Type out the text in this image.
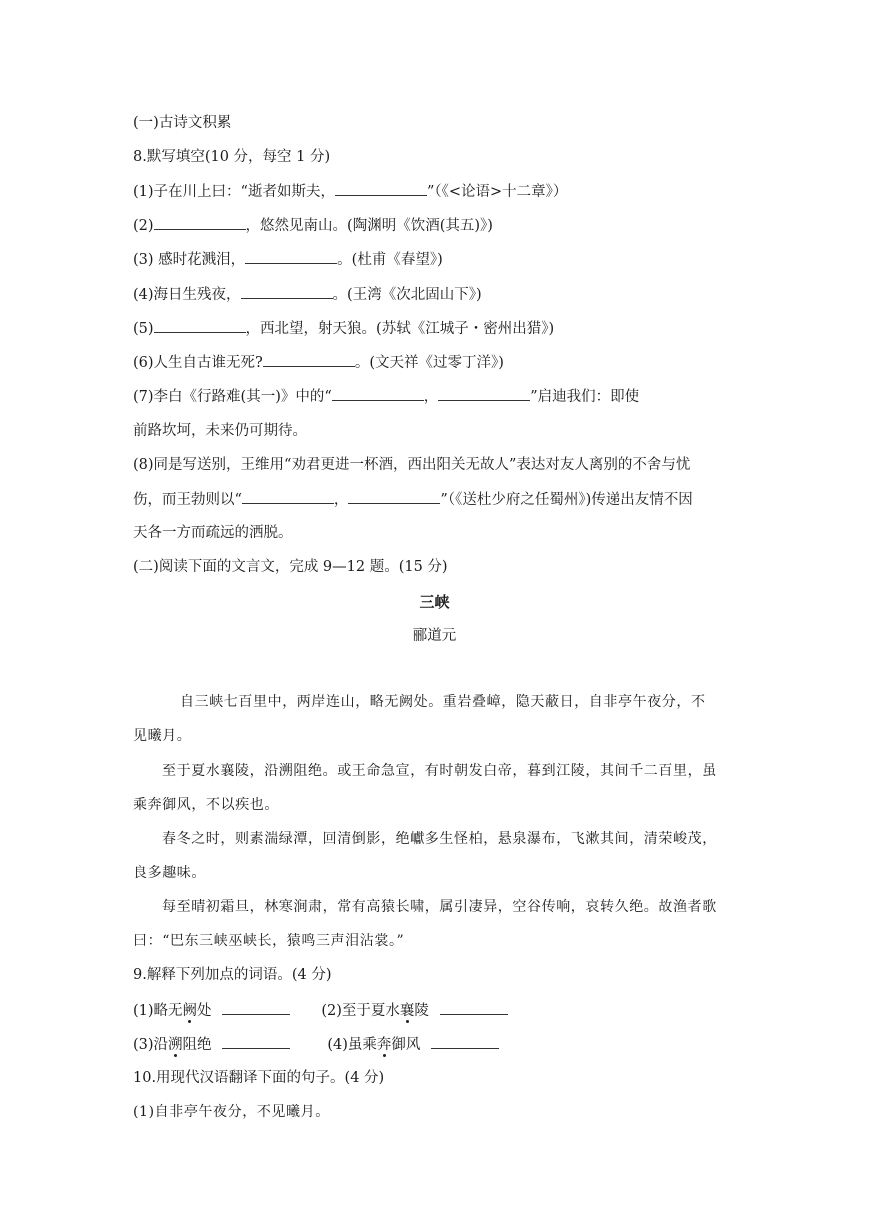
(一)古诗文积累
8.默写填空(10 分，每空 1 分)
(1)子在川上曰：“逝者如斯夫，	”（《<论语>十二章》）
(2)	，悠然见南山。(陶渊明《饮酒(其五)》)
(3) 感时花溅泪，	。(杜甫《春望》)
(4)海日生残夜，	。(王湾《次北固山下》)
(5)	，西北望，射天狼。(苏轼《江城子・密州出猎》)
(6)人生自古谁无死?	。(文天祥《过零丁洋》)
(7)李白《行路难(其一)》中的“	，	”启迪我们：即使
前路坎坷，未来仍可期待。
(8)同是写送别，王维用“劝君更进一杯酒，西出阳关无故人”表达对友人离别的不舍与忧
伤，而王勃则以“	，	”（《送杜少府之任蜀州》)传递出友情不因
天各一方而疏远的洒脱。
(二)阅读下面的文言文，完成 9—12 题。(15 分)
三峡
郦道元
自三峡七百里中，两岸连山，略无阙处。重岩叠嶂，隐天蔽日，自非亭午夜分，不
见曦月。
至于夏水襄陵，沿溯阻绝。或王命急宣，有时朝发白帝，暮到江陵，其间千二百里，虽
乘奔御风，不以疾也。
春冬之时，则素湍绿潭，回清倒影，绝巘多生怪柏，悬泉瀑布，飞漱其间，清荣峻茂，
良多趣味。
每至晴初霜旦，林寒涧肃，常有高猿长啸，属引凄异，空谷传响，哀转久绝。故渔者歌
曰：“巴东三峡巫峡长，猿鸣三声泪沾裳。”
9.解释下列加点的词语。(4 分)
(1)略无阙处	(2)至于夏水襄陵
(3)沿溯阻绝	(4)虽乘奔御风
10.用现代汉语翻译下面的句子。(4 分)
(1)自非亭午夜分，不见曦月。
